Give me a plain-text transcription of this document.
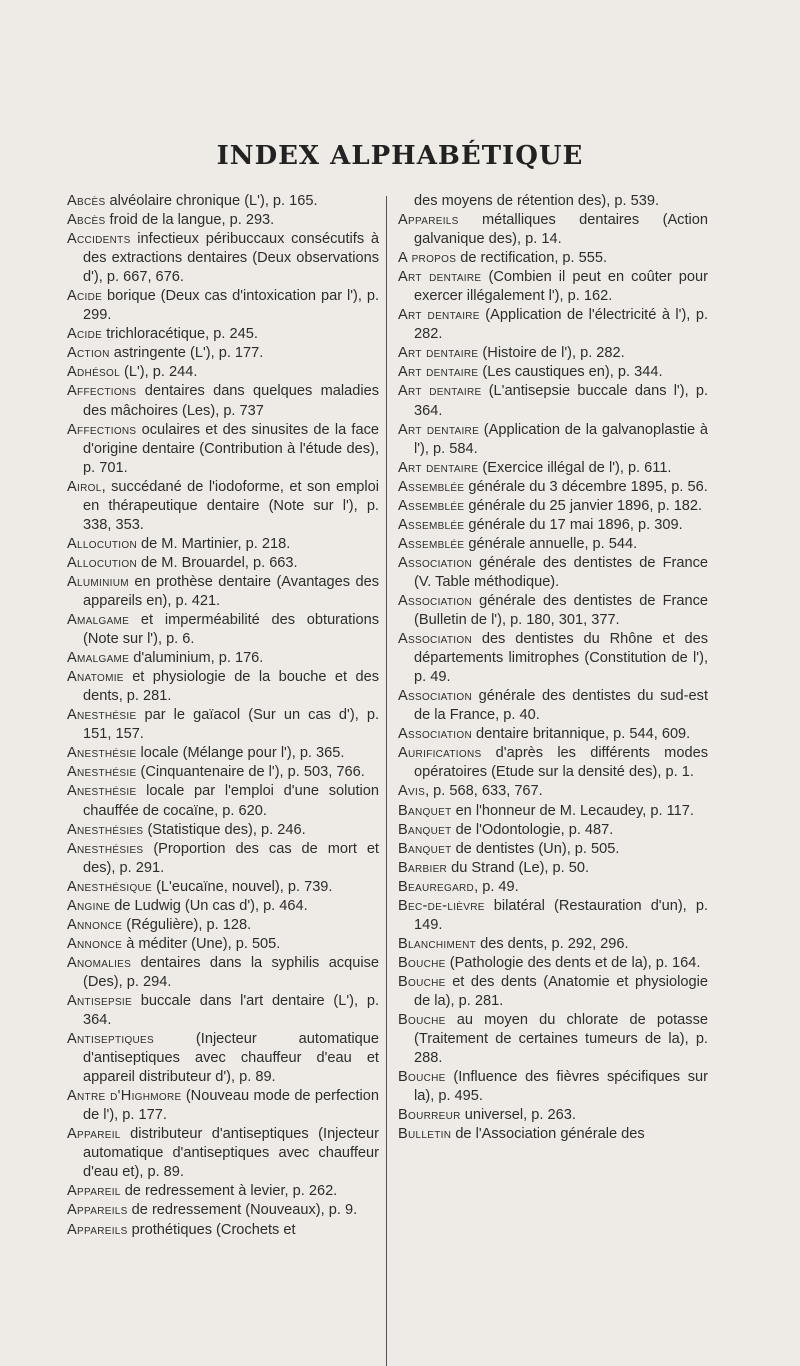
INDEX ALPHABÉTIQUE

Abcès alvéolaire chronique (L'), p. 165.

Abcès froid de la langue, p. 293.

Accidents infectieux péribuccaux consécutifs à des extractions dentaires (Deux observations d'), p. 667, 676.

Acide borique (Deux cas d'intoxication par l'), p. 299.

Acide trichloracétique, p. 245.

Action astringente (L'), p. 177.

Adhésol (L'), p. 244.

Affections dentaires dans quelques maladies des mâchoires (Les), p. 737

Affections oculaires et des sinusites de la face d'origine dentaire (Contribution à l'étude des), p. 701.

Airol, succédané de l'iodoforme, et son emploi en thérapeutique dentaire (Note sur l'), p. 338, 353.

Allocution de M. Martinier, p. 218.

Allocution de M. Brouardel, p. 663.

Aluminium en prothèse dentaire (Avantages des appareils en), p. 421.

Amalgame et imperméabilité des obturations (Note sur l'), p. 6.

Amalgame d'aluminium, p. 176.

Anatomie et physiologie de la bouche et des dents, p. 281.

Anesthésie par le gaïacol (Sur un cas d'), p. 151, 157.

Anesthésie locale (Mélange pour l'), p. 365.

Anesthésie (Cinquantenaire de l'), p. 503, 766.

Anesthésie locale par l'emploi d'une solution chauffée de cocaïne, p. 620.

Anesthésies (Statistique des), p. 246.

Anesthésies (Proportion des cas de mort et des), p. 291.

Anesthésique (L'eucaïne, nouvel), p. 739.

Angine de Ludwig (Un cas d'), p. 464.

Annonce (Régulière), p. 128.

Annonce à méditer (Une), p. 505.

Anomalies dentaires dans la syphilis acquise (Des), p. 294.

Antisepsie buccale dans l'art dentaire (L'), p. 364.

Antiseptiques (Injecteur automatique d'antiseptiques avec chauffeur d'eau et appareil distributeur d'), p. 89.

Antre d'Highmore (Nouveau mode de perfection de l'), p. 177.

Appareil distributeur d'antiseptiques (Injecteur automatique d'antiseptiques avec chauffeur d'eau et), p. 89.

Appareil de redressement à levier, p. 262.

Appareils de redressement (Nouveaux), p. 9.

Appareils prothétiques (Crochets et

des moyens de rétention des), p. 539.

Appareils métalliques dentaires (Action galvanique des), p. 14.

A propos de rectification, p. 555.

Art dentaire (Combien il peut en coûter pour exercer illégalement l'), p. 162.

Art dentaire (Application de l'électricité à l'), p. 282.

Art dentaire (Histoire de l'), p. 282.

Art dentaire (Les caustiques en), p. 344.

Art dentaire (L'antisepsie buccale dans l'), p. 364.

Art dentaire (Application de la galvanoplastie à l'), p. 584.

Art dentaire (Exercice illégal de l'), p. 611.

Assemblée générale du 3 décembre 1895, p. 56.

Assemblée générale du 25 janvier 1896, p. 182.

Assemblée générale du 17 mai 1896, p. 309.

Assemblée générale annuelle, p. 544.

Association générale des dentistes de France (V. Table méthodique).

Association générale des dentistes de France (Bulletin de l'), p. 180, 301, 377.

Association des dentistes du Rhône et des départements limitrophes (Constitution de l'), p. 49.

Association générale des dentistes du sud-est de la France, p. 40.

Association dentaire britannique, p. 544, 609.

Aurifications d'après les différents modes opératoires (Etude sur la densité des), p. 1.

Avis, p. 568, 633, 767.

Banquet en l'honneur de M. Lecaudey, p. 117.

Banquet de l'Odontologie, p. 487.

Banquet de dentistes (Un), p. 505.

Barbier du Strand (Le), p. 50.

Beauregard, p. 49.

Bec-de-lièvre bilatéral (Restauration d'un), p. 149.

Blanchiment des dents, p. 292, 296.

Bouche (Pathologie des dents et de la), p. 164.

Bouche et des dents (Anatomie et physiologie de la), p. 281.

Bouche au moyen du chlorate de potasse (Traitement de certaines tumeurs de la), p. 288.

Bouche (Influence des fièvres spécifiques sur la), p. 495.

Bourreur universel, p. 263.

Bulletin de l'Association générale des
